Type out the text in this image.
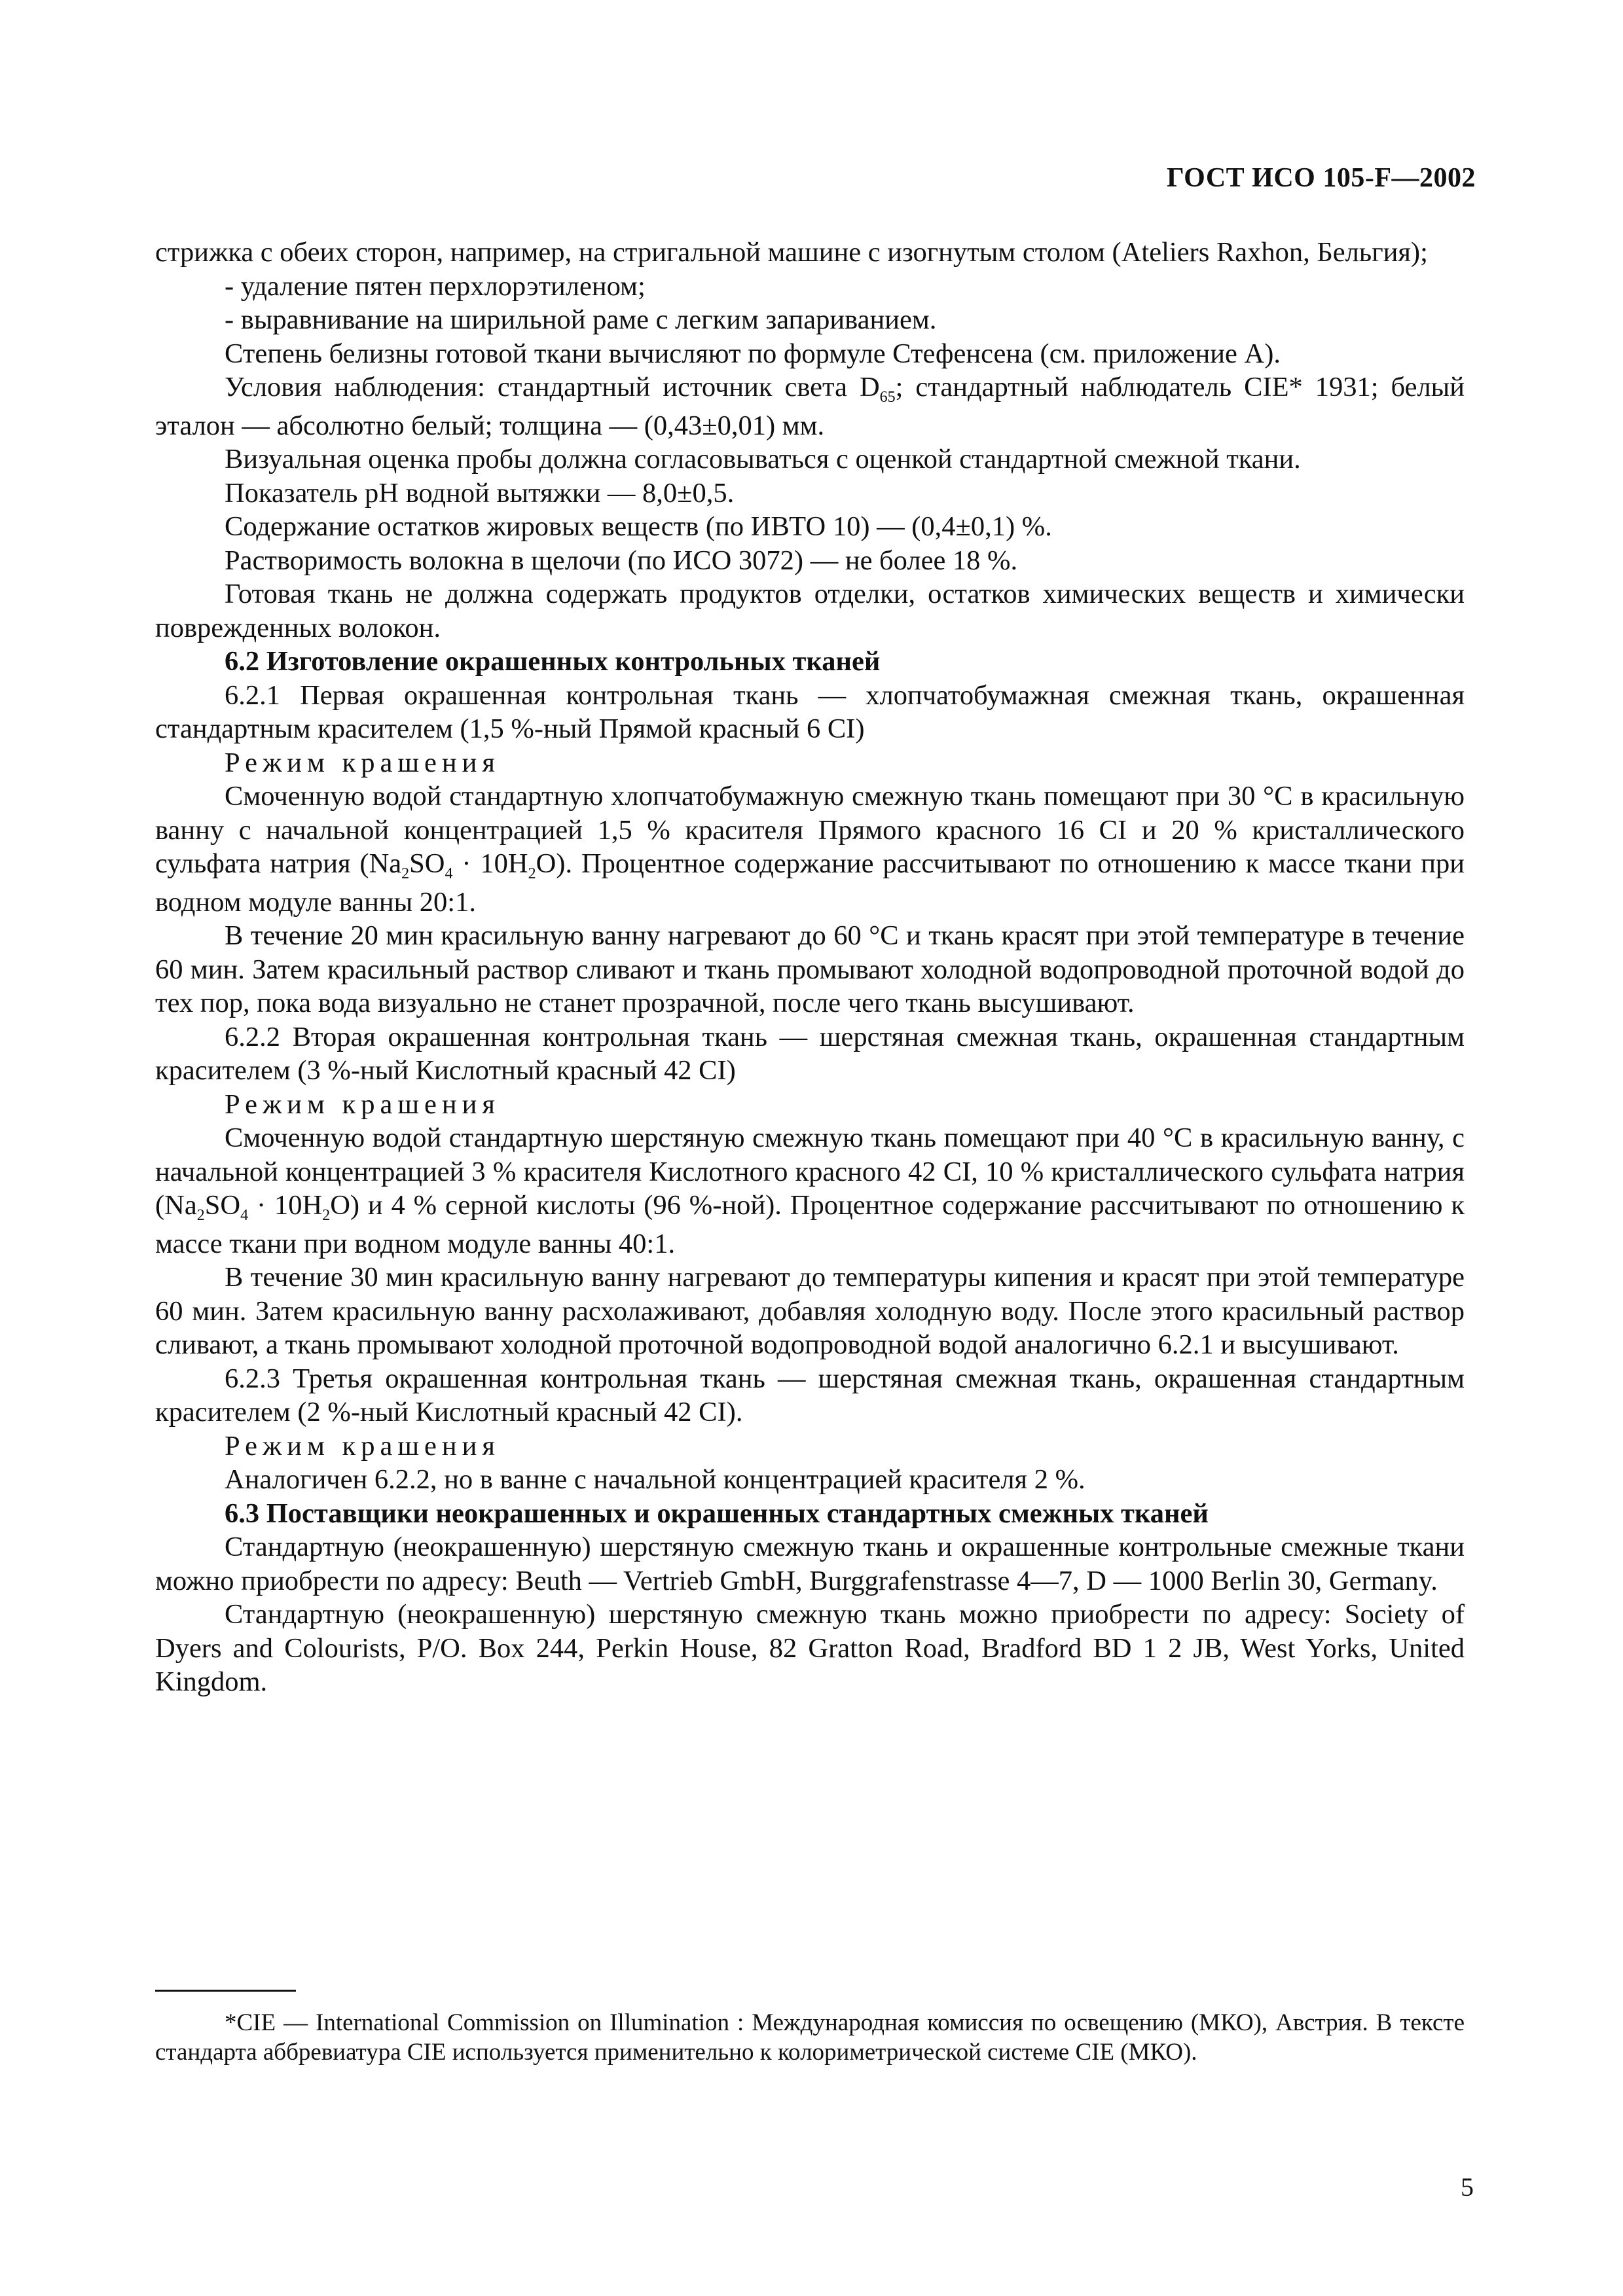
ГОСТ ИСО 105-F—2002

стрижка с обеих сторон, например, на стригальной машине с изогнутым столом (Ateliers Raxhon, Бельгия);

- удаление пятен перхлорэтиленом;

- выравнивание на ширильной раме с легким запариванием.

Степень белизны готовой ткани вычисляют по формуле Стефенсена (см. приложение А).

Условия наблюдения: стандартный источник света $D_{65}$; стандартный наблюдатель CIE* 1931; белый эталон — абсолютно белый; толщина — (0,43±0,01) мм.

Визуальная оценка пробы должна согласовываться с оценкой стандартной смежной ткани.

Показатель pH водной вытяжки — 8,0±0,5.

Содержание остатков жировых веществ (по ИВТО 10) — (0,4±0,1) %.

Растворимость волокна в щелочи (по ИСО 3072) — не более 18 %.

Готовая ткань не должна содержать продуктов отделки, остатков химических веществ и химически поврежденных волокон.

6.2 Изготовление окрашенных контрольных тканей

6.2.1 Первая окрашенная контрольная ткань — хлопчатобумажная смежная ткань, окрашенная стандартным красителем (1,5 %-ный Прямой красный 6 CI)

Режим крашения

Смоченную водой стандартную хлопчатобумажную смежную ткань помещают при 30 °С в красильную ванну с начальной концентрацией 1,5 % красителя Прямого красного 16 CI и 20 % кристаллического сульфата натрия $(Na_2SO_4 \cdot 10H_2O)$. Процентное содержание рассчитывают по отношению к массе ткани при водном модуле ванны 20:1.

В течение 20 мин красильную ванну нагревают до 60 °С и ткань красят при этой температуре в течение 60 мин. Затем красильный раствор сливают и ткань промывают холодной водопроводной проточной водой до тех пор, пока вода визуально не станет прозрачной, после чего ткань высушивают.

6.2.2 Вторая окрашенная контрольная ткань — шерстяная смежная ткань, окрашенная стандартным красителем (3 %-ный Кислотный красный 42 CI)

Режим крашения

Смоченную водой стандартную шерстяную смежную ткань помещают при 40 °С в красильную ванну, с начальной концентрацией 3 % красителя Кислотного красного 42 CI, 10 % кристаллического сульфата натрия $(Na_2SO_4 \cdot 10H_2O)$ и 4 % серной кислоты (96 %-ной). Процентное содержание рассчитывают по отношению к массе ткани при водном модуле ванны 40:1.

В течение 30 мин красильную ванну нагревают до температуры кипения и красят при этой температуре 60 мин. Затем красильную ванну расхолаживают, добавляя холодную воду. После этого красильный раствор сливают, а ткань промывают холодной проточной водопроводной водой аналогично 6.2.1 и высушивают.

6.2.3 Третья окрашенная контрольная ткань — шерстяная смежная ткань, окрашенная стандартным красителем (2 %-ный Кислотный красный 42 CI).

Режим крашения

Аналогичен 6.2.2, но в ванне с начальной концентрацией красителя 2 %.

6.3 Поставщики неокрашенных и окрашенных стандартных смежных тканей

Стандартную (неокрашенную) шерстяную смежную ткань и окрашенные контрольные смежные ткани можно приобрести по адресу: Beuth — Vertrieb GmbH, Burggrafenstrasse 4—7, D — 1000 Berlin 30, Germany.

Стандартную (неокрашенную) шерстяную смежную ткань можно приобрести по адресу: Society of Dyers and Colourists, P/O. Box 244, Perkin House, 82 Gratton Road, Bradford BD 1 2 JB, West Yorks, United Kingdom.

*CIE — International Commission on Illumination : Международная комиссия по освещению (МКО), Австрия. В тексте стандарта аббревиатура CIE используется применительно к колориметрической системе CIE (МКО).

5
